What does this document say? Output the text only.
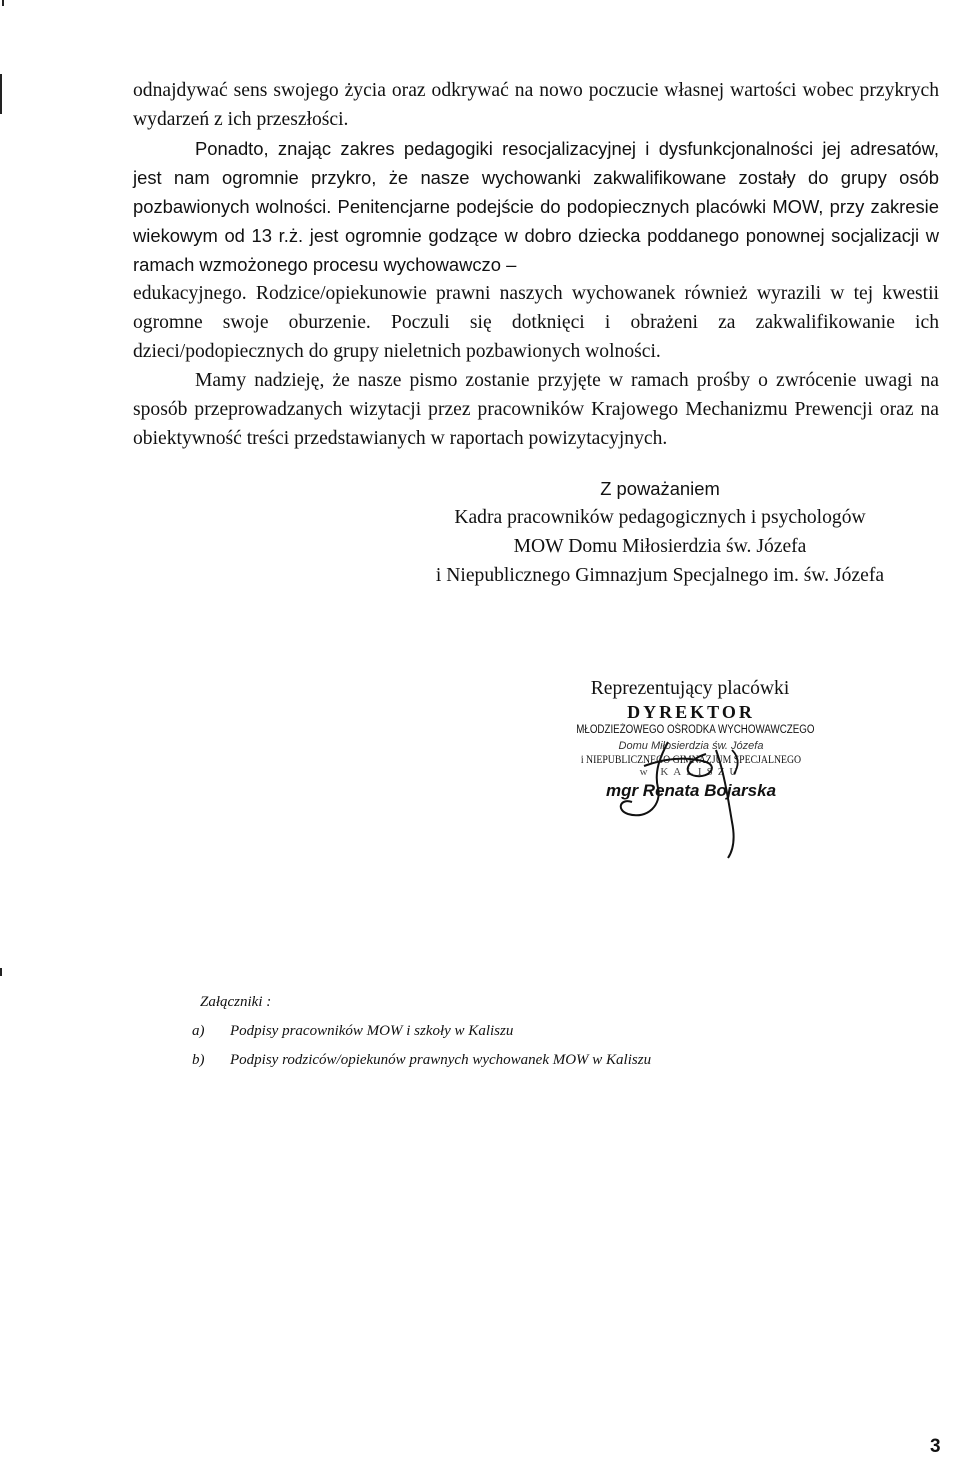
odnajdywać sens swojego życia oraz odkrywać na nowo poczucie własnej wartości wobec przykrych wydarzeń z ich przeszłości.

Ponadto, znając zakres pedagogiki resocjalizacyjnej i dysfunkcjonalności jej adresatów, jest nam ogromnie przykro, że nasze wychowanki zakwalifikowane zostały do grupy osób pozbawionych wolności. Penitencjarne podejście do podopiecznych placówki MOW, przy zakresie wiekowym od 13 r.ż. jest ogromnie godzące w dobro dziecka poddanego ponownej socjalizacji w ramach wzmożonego procesu wychowawczo –

edukacyjnego. Rodzice/opiekunowie prawni naszych wychowanek również wyrazili w tej kwestii ogromne swoje oburzenie. Poczuli się dotknięci i obrażeni za zakwalifikowanie ich dzieci/podopiecznych do grupy nieletnich pozbawionych wolności.

Mamy nadzieję, że nasze pismo zostanie przyjęte w ramach prośby o zwrócenie uwagi na sposób przeprowadzanych wizytacji przez pracowników Krajowego Mechanizmu Prewencji oraz na obiektywność treści przedstawianych w raportach powizytacyjnych.

Z poważaniem
Kadra pracowników pedagogicznych i psychologów
MOW Domu Miłosierdzia św. Józefa
i Niepublicznego Gimnazjum Specjalnego im. św. Józefa
Reprezentujący placówki
DYREKTOR
MŁODZIEŻOWEGO OŚRODKA WYCHOWAWCZEGO
Domu Miłosierdzia św. Józefa
i NIEPUBLICZNEGO GIMNAZJUM SPECJALNEGO
w KALISZU
mgr Renata Bojarska
Załączniki :
a) Podpisy pracowników MOW i szkoły w Kaliszu
b) Podpisy rodziców/opiekunów prawnych wychowanek MOW w Kaliszu
3
